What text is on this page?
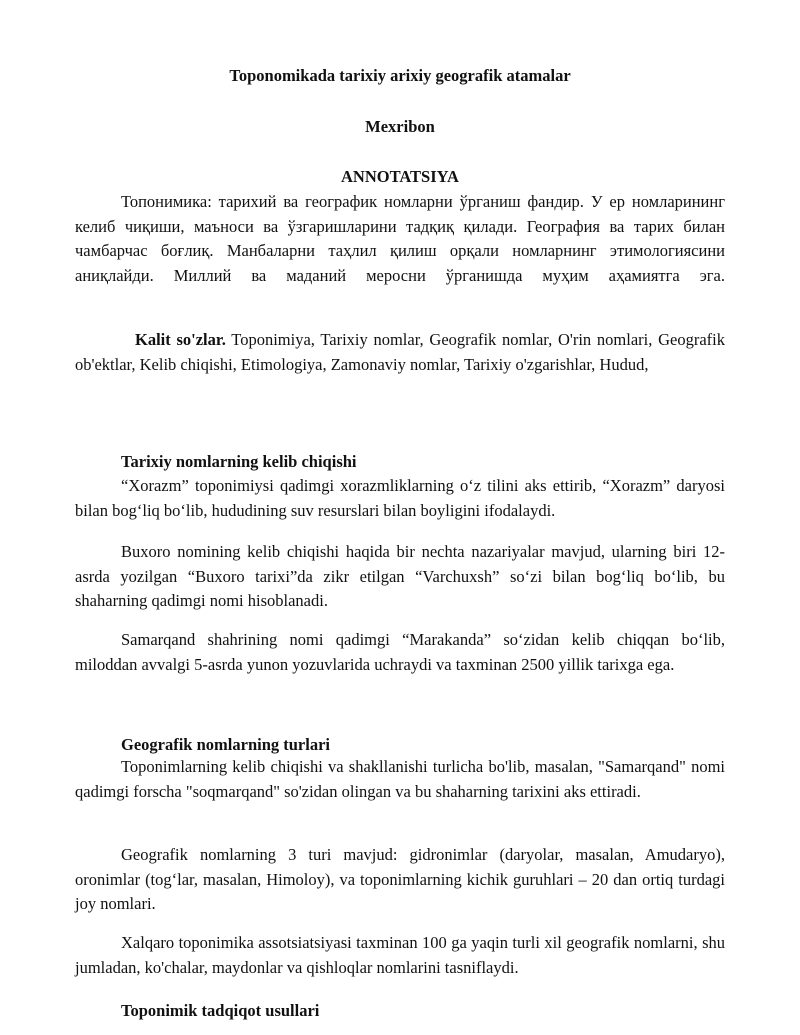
Toponomikada tarixiy arixiy geografik atamalar
Mexribon
ANNOTATSIYA
Топонимика: тарихий ва географик номларни ўрганиш фандир. У ер номларининг келиб чиқиши, маъноси ва ўзгаришларини тадқиқ қилади. География ва тарих билан чамбарчас боғлиқ. Манбаларни таҳлил қилиш орқали номларнинг этимологиясини аниқлайди. Миллий ва маданий меросни ўрганишда муҳим аҳамиятга эга.
Kalit so'zlar. Toponimiya, Tarixiy nomlar, Geografik nomlar, O'rin nomlari, Geografik ob'ektlar, Kelib chiqishi, Etimologiya, Zamonaviy nomlar, Tarixiy o'zgarishlar, Hudud,
Tarixiy nomlarning kelib chiqishi
“Xorazm” toponimiysi qadimgi xorazmliklarning o‘z tilini aks ettirib, “Xorazm” daryosi bilan bog‘liq bo‘lib, hududining suv resurslari bilan boyligini ifodalaydi.
Buxoro nomining kelib chiqishi haqida bir nechta nazariyalar mavjud, ularning biri 12-asrda yozilgan “Buxoro tarixi”da zikr etilgan “Varchuxsh” so‘zi bilan bog‘liq bo‘lib, bu shaharning qadimgi nomi hisoblanadi.
Samarqand shahrining nomi qadimgi “Marakanda” so‘zidan kelib chiqqan bo‘lib, miloddan avvalgi 5-asrda yunon yozuvlarida uchraydi va taxminan 2500 yillik tarixga ega.
Geografik nomlarning turlari
Toponimlarning kelib chiqishi va shakllanishi turlicha bo'lib, masalan, "Samarqand" nomi qadimgi forscha "soqmarqand" so'zidan olingan va bu shaharning tarixini aks ettiradi.
Geografik nomlarning 3 turi mavjud: gidronimlar (daryolar, masalan, Amudaryo), oronimlar (tog‘lar, masalan, Himoloy), va toponimlarning kichik guruhlari – 20 dan ortiq turdagi joy nomlari.
Xalqaro toponimika assotsiatsiyasi taxminan 100 ga yaqin turli xil geografik nomlarni, shu jumladan, ko'chalar, maydonlar va qishloqlar nomlarini tasniflaydi.
Toponimik tadqiqot usullari
